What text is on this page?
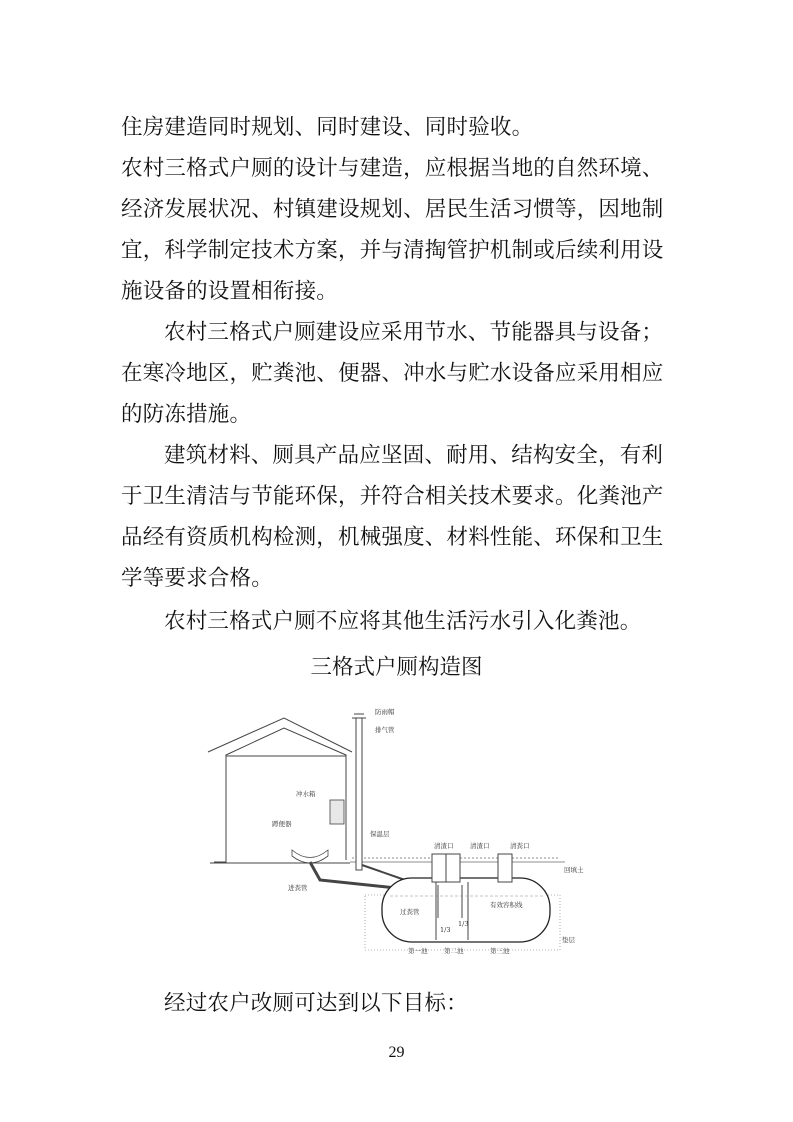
住房建造同时规划、同时建设、同时验收。

农村三格式户厕的设计与建造，应根据当地的自然环境、经济发展状况、村镇建设规划、居民生活习惯等，因地制宜，科学制定技术方案，并与清掏管护机制或后续利用设施设备的设置相衔接。

农村三格式户厕建设应采用节水、节能器具与设备；在寒冷地区，贮粪池、便器、冲水与贮水设备应采用相应的防冻措施。

建筑材料、厕具产品应坚固、耐用、结构安全，有利于卫生清洁与节能环保，并符合相关技术要求。化粪池产品经有资质机构检测，机械强度、材料性能、环保和卫生学等要求合格。

农村三格式户厕不应将其他生活污水引入化粪池。

三格式户厕构造图

防雨帽
排气管
冲水箱
蹲便器
保温层
清渣口	清渣口	清粪口
回填土
进粪管
过粪管
有效容积线
1/3
1/3
垫层
第一池	第二池	第三池

经过农户改厕可达到以下目标：

29
